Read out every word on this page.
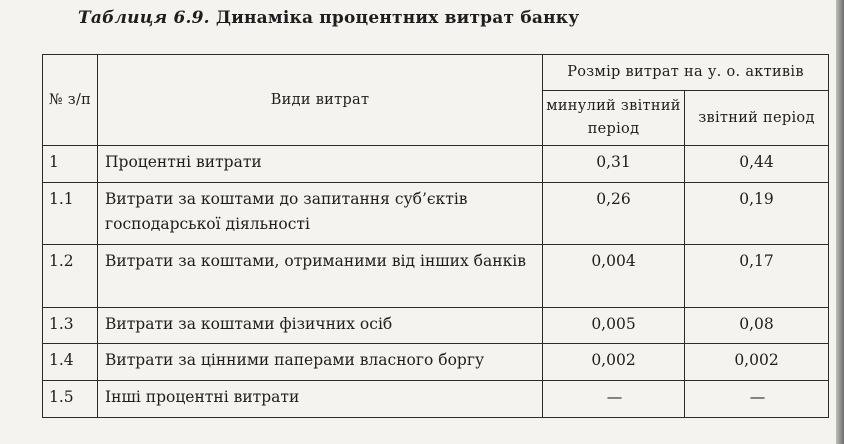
Таблиця 6.9. Динаміка процентних витрат банку
№ з/п	Види витрат	Розмір витрат на у. о. активів	
		минулий звітний період	звітний період
1	Процентні витрати	0,31	0,44
1.1	Витрати за коштами до запитання суб’єктів господарської діяльності	0,26	0,19
1.2	Витрати за коштами, отриманими від інших банків	0,004	0,17
1.3	Витрати за коштами фізичних осіб	0,005	0,08
1.4	Витрати за цінними паперами власного боргу	0,002	0,002
1.5	Інші процентні витрати	—	—
